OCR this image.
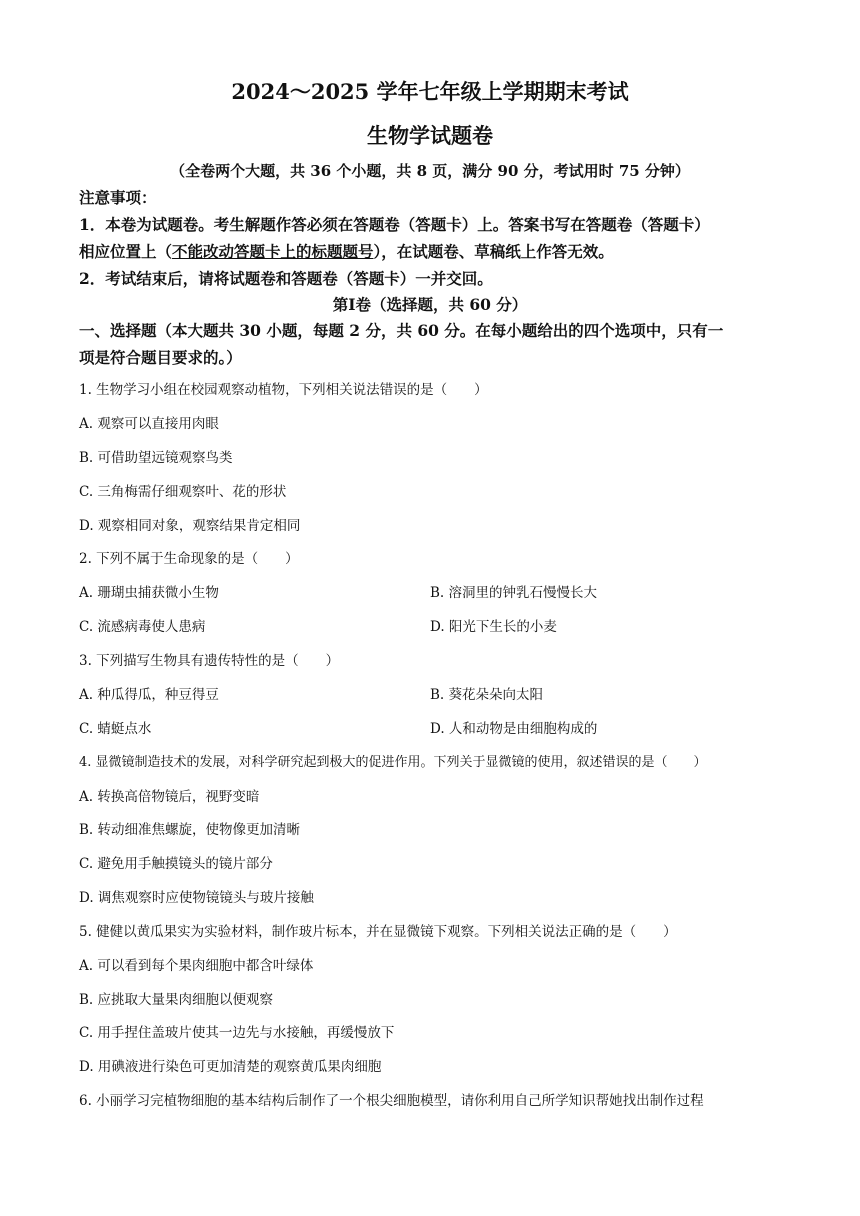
2024～2025 学年七年级上学期期末考试
生物学试题卷
（全卷两个大题，共 36 个小题，共 8 页，满分 90 分，考试用时 75 分钟）
注意事项：
1．本卷为试题卷。考生解题作答必须在答题卷（答题卡）上。答案书写在答题卷（答题卡）
相应位置上（不能改动答题卡上的标题题号），在试题卷、草稿纸上作答无效。
2．考试结束后，请将试题卷和答题卷（答题卡）一并交回。
第Ⅰ卷（选择题，共 60 分）
一、选择题（本大题共 30 小题，每题 2 分，共 60 分。在每小题给出的四个选项中，只有一
项是符合题目要求的。）
1. 生物学习小组在校园观察动植物，下列相关说法错误的是（　　）
A. 观察可以直接用肉眼
B. 可借助望远镜观察鸟类
C. 三角梅需仔细观察叶、花的形状
D. 观察相同对象，观察结果肯定相同
2. 下列不属于生命现象的是（　　）
A. 珊瑚虫捕获微小生物	B. 溶洞里的钟乳石慢慢长大
C. 流感病毒使人患病	D. 阳光下生长的小麦
3. 下列描写生物具有遗传特性的是（　　）
A. 种瓜得瓜，种豆得豆	B. 葵花朵朵向太阳
C. 蜻蜓点水	D. 人和动物是由细胞构成的
4. 显微镜制造技术的发展，对科学研究起到极大的促进作用。下列关于显微镜的使用，叙述错误的是（　　）
A. 转换高倍物镜后，视野变暗
B. 转动细准焦螺旋，使物像更加清晰
C. 避免用手触摸镜头的镜片部分
D. 调焦观察时应使物镜镜头与玻片接触
5. 健健以黄瓜果实为实验材料，制作玻片标本，并在显微镜下观察。下列相关说法正确的是（　　）
A. 可以看到每个果肉细胞中都含叶绿体
B. 应挑取大量果肉细胞以便观察
C. 用手捏住盖玻片使其一边先与水接触，再缓慢放下
D. 用碘液进行染色可更加清楚的观察黄瓜果肉细胞
6. 小丽学习完植物细胞的基本结构后制作了一个根尖细胞模型，请你利用自己所学知识帮她找出制作过程
